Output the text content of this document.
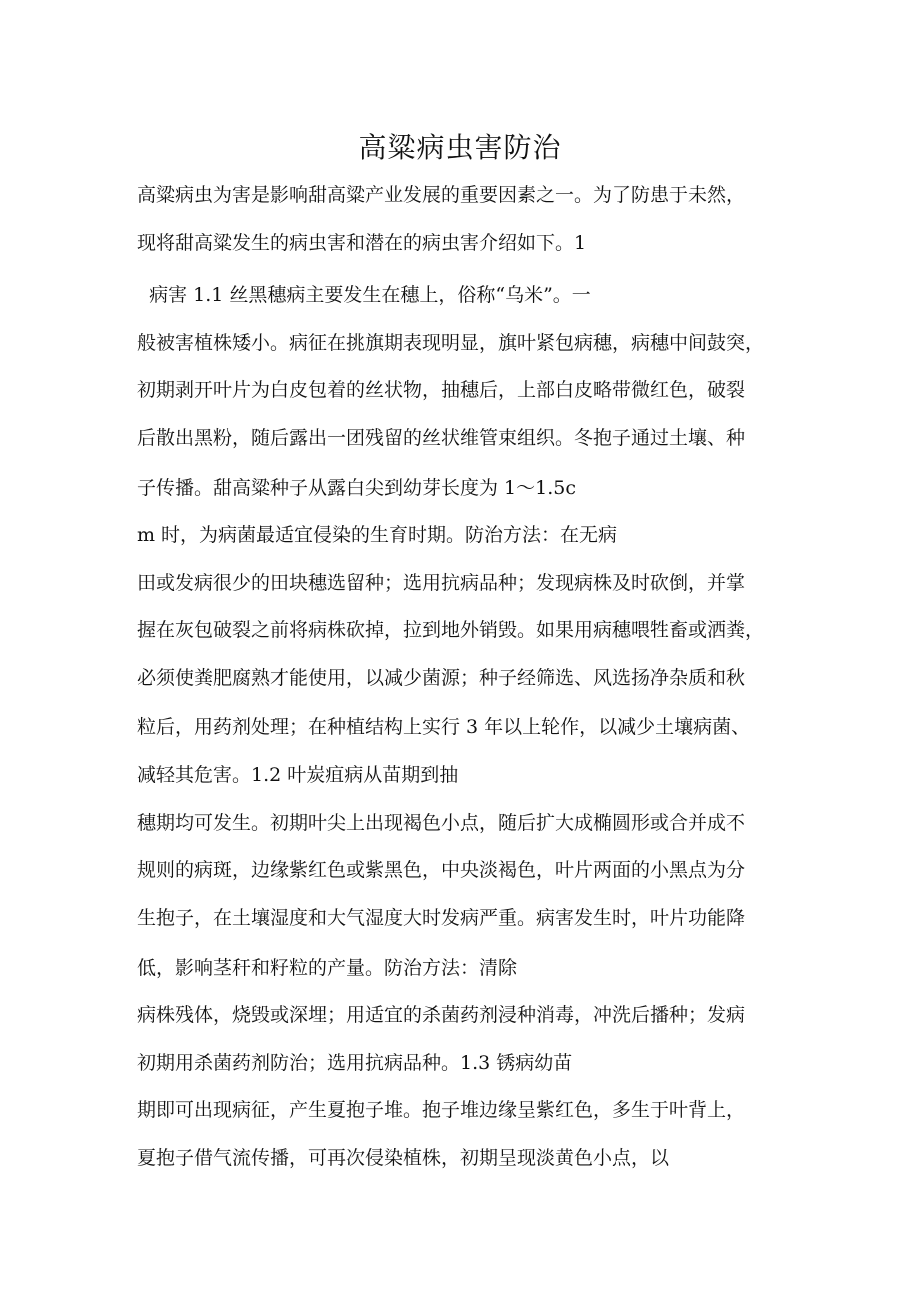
高粱病虫害防治
高粱病虫为害是影响甜高粱产业发展的重要因素之一。为了防患于未然，
现将甜高粱发生的病虫害和潜在的病虫害介绍如下。1
病害 1.1 丝黑穗病主要发生在穗上，俗称“乌米”。一
般被害植株矮小。病征在挑旗期表现明显，旗叶紧包病穗，病穗中间鼓突，
初期剥开叶片为白皮包着的丝状物，抽穗后，上部白皮略带微红色，破裂
后散出黑粉，随后露出一团残留的丝状维管束组织。冬抱子通过土壤、种
子传播。甜高粱种子从露白尖到幼芽长度为 1～1.5c
m 时，为病菌最适宜侵染的生育时期。防治方法：在无病
田或发病很少的田块穗选留种；选用抗病品种；发现病株及时砍倒，并掌
握在灰包破裂之前将病株砍掉，拉到地外销毁。如果用病穗喂牲畜或洒粪，
必须使粪肥腐熟才能使用，以减少菌源；种子经筛选、风选扬净杂质和秋
粒后，用药剂处理；在种植结构上实行 3 年以上轮作，以减少土壤病菌、
减轻其危害。1.2 叶炭疽病从苗期到抽
穗期均可发生。初期叶尖上出现褐色小点，随后扩大成椭圆形或合并成不
规则的病斑，边缘紫红色或紫黑色，中央淡褐色，叶片两面的小黑点为分
生抱子，在土壤湿度和大气湿度大时发病严重。病害发生时，叶片功能降
低，影响茎秆和籽粒的产量。防治方法：清除
病株残体，烧毁或深埋；用适宜的杀菌药剂浸种消毒，冲洗后播种；发病
初期用杀菌药剂防治；选用抗病品种。1.3 锈病幼苗
期即可出现病征，产生夏抱子堆。抱子堆边缘呈紫红色，多生于叶背上，
夏抱子借气流传播，可再次侵染植株，初期呈现淡黄色小点，以
